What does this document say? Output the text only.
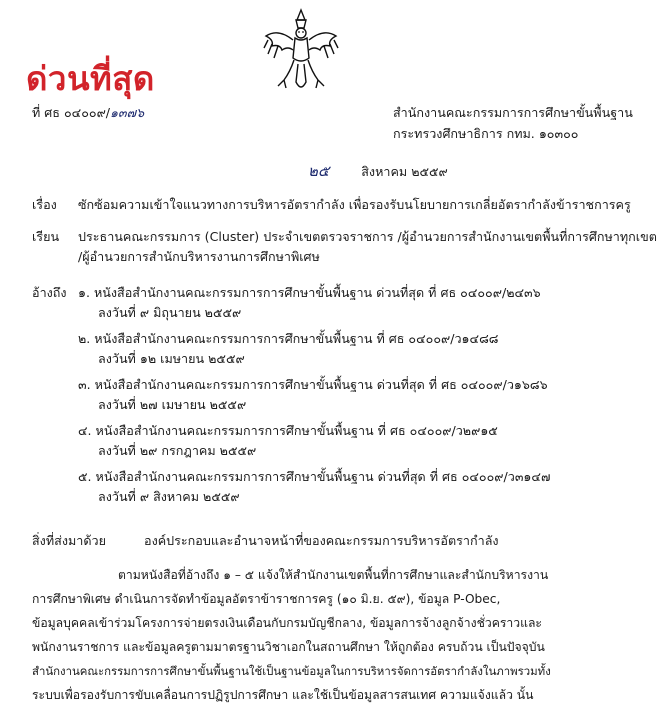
ด่วนที่สุด
ที่ ศธ ๐๔๐๐๙/๑๓๗๖	สำนักงานคณะกรรมการการศึกษาขั้นพื้นฐาน
กระทรวงศึกษาธิการ กทม. ๑๐๓๐๐
๒๕	สิงหาคม ๒๕๕๙
เรื่อง ซักซ้อมความเข้าใจแนวทางการบริหารอัตรากำลัง เพื่อรองรับนโยบายการเกลี่ยอัตรากำลังข้าราชการครู
เรียน ประธานคณะกรรมการ (Cluster) ประจำเขตตรวจราชการ /ผู้อำนวยการสำนักงานเขตพื้นที่การศึกษาทุกเขต
/ผู้อำนวยการสำนักบริหารงานการศึกษาพิเศษ
อ้างถึง ๑. หนังสือสำนักงานคณะกรรมการการศึกษาขั้นพื้นฐาน ด่วนที่สุด ที่ ศธ ๐๔๐๐๙/๒๔๓๖
ลงวันที่ ๙ มิถุนายน ๒๕๕๙
๒. หนังสือสำนักงานคณะกรรมการการศึกษาขั้นพื้นฐาน ที่ ศธ ๐๔๐๐๙/ว๑๔๘๘
ลงวันที่ ๑๒ เมษายน ๒๕๕๙
๓. หนังสือสำนักงานคณะกรรมการการศึกษาขั้นพื้นฐาน ด่วนที่สุด ที่ ศธ ๐๔๐๐๙/ว๑๖๘๖
ลงวันที่ ๒๗ เมษายน ๒๕๕๙
๔. หนังสือสำนักงานคณะกรรมการการศึกษาขั้นพื้นฐาน ที่ ศธ ๐๔๐๐๙/ว๒๙๑๕
ลงวันที่ ๒๙ กรกฎาคม ๒๕๕๙
๕. หนังสือสำนักงานคณะกรรมการการศึกษาขั้นพื้นฐาน ด่วนที่สุด ที่ ศธ ๐๔๐๐๙/ว๓๑๔๗
ลงวันที่ ๙ สิงหาคม ๒๕๕๙
สิ่งที่ส่งมาด้วย	องค์ประกอบและอำนาจหน้าที่ของคณะกรรมการบริหารอัตรากำลัง
ตามหนังสือที่อ้างถึง ๑ – ๕ แจ้งให้สำนักงานเขตพื้นที่การศึกษาและสำนักบริหารงาน
การศึกษาพิเศษ ดำเนินการจัดทำข้อมูลอัตราข้าราชการครู (๑๐ มิ.ย. ๕๙), ข้อมูล P-Obec,
ข้อมูลบุคคลเข้าร่วมโครงการจ่ายตรงเงินเดือนกับกรมบัญชีกลาง, ข้อมูลการจ้างลูกจ้างชั่วคราวและ
พนักงานราชการ และข้อมูลครูตามมาตรฐานวิชาเอกในสถานศึกษา ให้ถูกต้อง ครบถ้วน เป็นปัจจุบัน
สำนักงานคณะกรรมการการศึกษาขั้นพื้นฐานใช้เป็นฐานข้อมูลในการบริหารจัดการอัตรากำลังในภาพรวมทั้ง
ระบบเพื่อรองรับการขับเคลื่อนการปฏิรูปการศึกษา และใช้เป็นข้อมูลสารสนเทศ ความแจ้งแล้ว นั้น
